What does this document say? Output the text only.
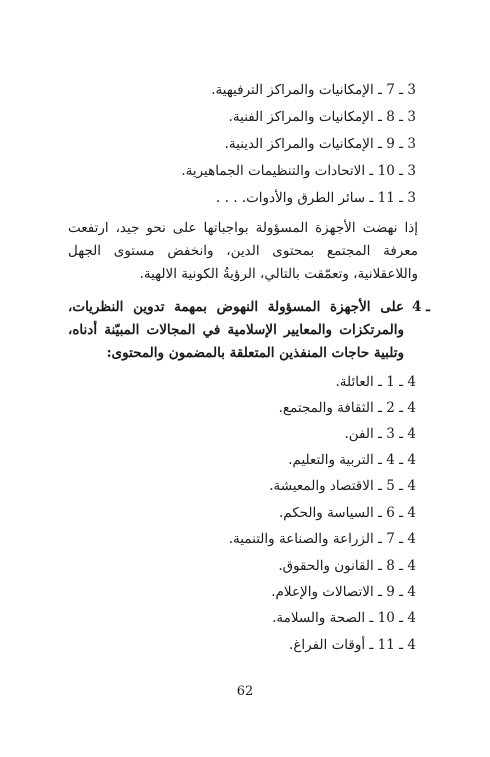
3 ـ 7 ـ الإمكانيات والمراكز الترفيهية.
3 ـ 8 ـ الإمكانيات والمراكز الفنية.
3 ـ 9 ـ الإمكانيات والمراكز الدينية.
3 ـ 10 ـ الاتحادات والتنظيمات الجماهيرية.
3 ـ 11 ـ سائر الطرق والأدوات. . . .

إذا نهضت الأجهزة المسؤولة بواجباتها على نحو جيد، ارتفعت معرفة المجتمع بمحتوى الدين، وانخفض مستوى الجهل واللاعقلانية، وتعمّقت بالتالي، الرؤيةُ الكونية الالهية.

4 ـ

على الأجهزة المسؤولة النهوض بمهمة تدوين النظريات، والمرتكزات والمعايير الإسلامية في المجالات المبيّنة أدناه، وتلبية حاجات المنفذين المتعلقة بالمضمون والمحتوى:

4 ـ 1 ـ العائلة.
4 ـ 2 ـ الثقافة والمجتمع.
4 ـ 3 ـ الفن.
4 ـ 4 ـ التربية والتعليم.
4 ـ 5 ـ الاقتصاد والمعيشة.
4 ـ 6 ـ السياسة والحكم.
4 ـ 7 ـ الزراعة والصناعة والتنمية.
4 ـ 8 ـ القانون والحقوق.
4 ـ 9 ـ الاتصالات والإعلام.
4 ـ 10 ـ الصحة والسلامة.
4 ـ 11 ـ أوقات الفراغ.
62
